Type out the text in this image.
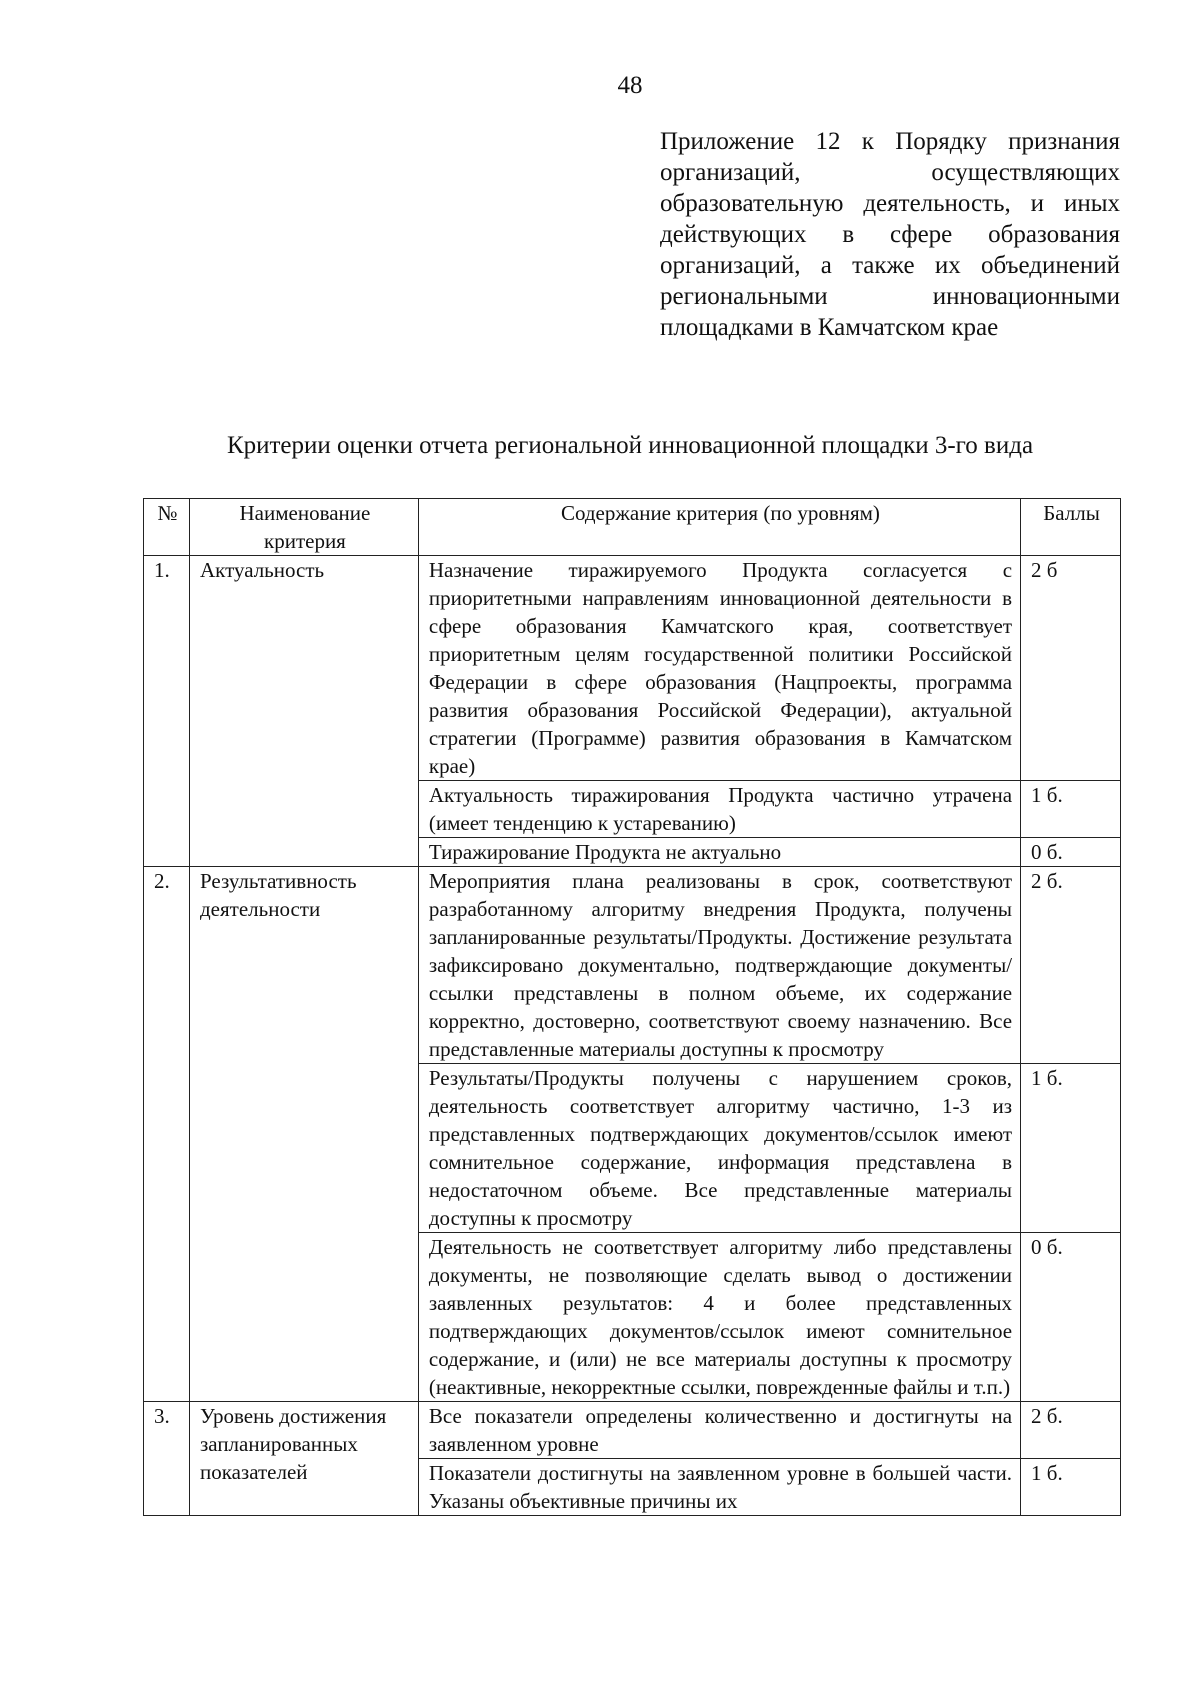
48
Приложение 12 к Порядку признания организаций, осуществляющих образовательную деятельность, и иных действующих в сфере образования организаций, а также их объединений региональными инновационными площадками в Камчатском крае
Критерии оценки отчета региональной инновационной площадки 3-го вида
№	Наименование критерия	Содержание критерия (по уровням)	Баллы
1.	Актуальность	Назначение тиражируемого Продукта согласуется с приоритетными направлениям инновационной деятельности в сфере образования Камчатского края, соответствует приоритетным целям государственной политики Российской Федерации в сфере образования (Нацпроекты, программа развития образования Российской Федерации), актуальной стратегии (Программе) развития образования в Камчатском крае)	2 б
		Актуальность тиражирования Продукта частично утрачена (имеет тенденцию к устареванию)	1 б.
		Тиражирование Продукта не актуально	0 б.
2.	Результативность деятельности	Мероприятия плана реализованы в срок, соответствуют разработанному алгоритму внедрения Продукта, получены запланированные результаты/Продукты. Достижение результата зафиксировано документально, подтверждающие документы/ссылки представлены в полном объеме, их содержание корректно, достоверно, соответствуют своему назначению. Все представленные материалы доступны к просмотру	2 б.
		Результаты/Продукты получены с нарушением сроков, деятельность соответствует алгоритму частично, 1-3 из представленных подтверждающих документов/ссылок имеют сомнительное содержание, информация представлена в недостаточном объеме. Все представленные материалы доступны к просмотру	1 б.
		Деятельность не соответствует алгоритму либо представлены документы, не позволяющие сделать вывод о достижении заявленных результатов: 4 и более представленных подтверждающих документов/ссылок имеют сомнительное содержание, и (или) не все материалы доступны к просмотру (неактивные, некорректные ссылки, поврежденные файлы и т.п.)	0 б.
3.	Уровень достижения запланированных показателей	Все показатели определены количественно и достигнуты на заявленном уровне	2 б.
		Показатели достигнуты на заявленном уровне в большей части. Указаны объективные причины их	1 б.
